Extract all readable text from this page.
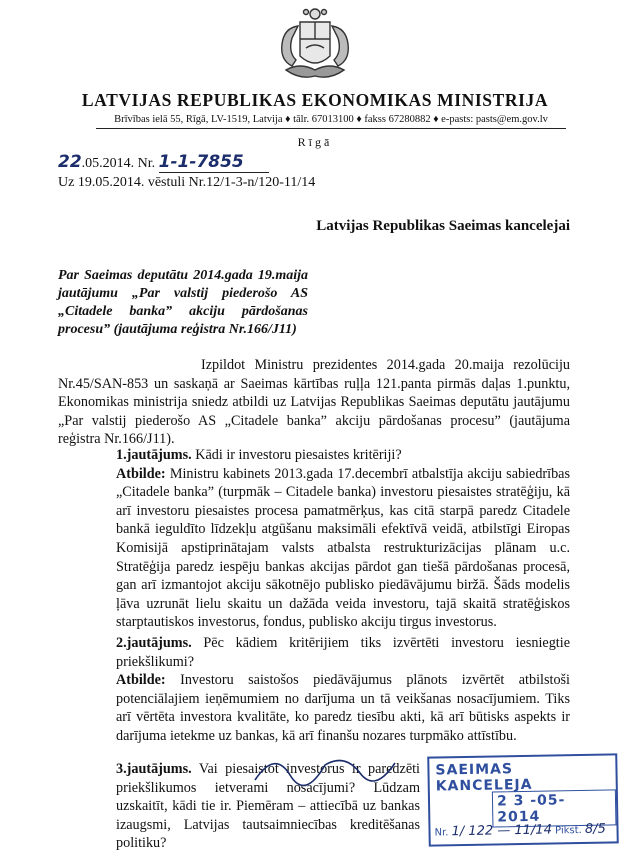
LATVIJAS REPUBLIKAS EKONOMIKAS MINISTRIJA
Brīvības ielā 55, Rīgā, LV-1519, Latvija ♦ tālr. 67013100 ♦ fakss 67280882 ♦ e-pasts: pasts@em.gov.lv
Rīgā
22.05.2014. Nr. 1-1-7855
Uz 19.05.2014. vēstuli Nr.12/1-3-n/120-11/14
Latvijas Republikas Saeimas kancelejai
Par Saeimas deputātu 2014.gada 19.maija jautājumu „Par valstij piederošo AS „Citadele banka” akciju pārdošanas procesu” (jautājuma reģistra Nr.166/J11)
Izpildot Ministru prezidentes 2014.gada 20.maija rezolūciju Nr.45/SAN-853 un saskaņā ar Saeimas kārtības ruļļa 121.panta pirmās daļas 1.punktu, Ekonomikas ministrija sniedz atbildi uz Latvijas Republikas Saeimas deputātu jautājumu „Par valstij piederošo AS „Citadele banka” akciju pārdošanas procesu” (jautājuma reģistra Nr.166/J11).
1.jautājums. Kādi ir investoru piesaistes kritēriji?
Atbilde: Ministru kabinets 2013.gada 17.decembrī atbalstīja akciju sabiedrības „Citadele banka” (turpmāk – Citadele banka) investoru piesaistes stratēģiju, kā arī investoru piesaistes procesa pamatmērķus, kas citā starpā paredz Citadele bankā ieguldīto līdzekļu atgūšanu maksimāli efektīvā veidā, atbilstīgi Eiropas Komisijā apstiprinātajam valsts atbalsta restrukturizācijas plānam u.c. Stratēģija paredz iespēju bankas akcijas pārdot gan tiešā pārdošanas procesā, gan arī izmantojot akciju sākotnējo publisko piedāvājumu biržā. Šāds modelis ļāva uzrunāt lielu skaitu un dažāda veida investoru, tajā skaitā stratēģiskos starptautiskos investorus, fondus, publisko akciju tirgus investorus.
2.jautājums. Pēc kādiem kritērijiem tiks izvērtēti investoru iesniegtie priekšlikumi?
Atbilde: Investoru saistošos piedāvājumus plānots izvērtēt atbilstoši potenciālajiem ieņēmumiem no darījuma un tā veikšanas nosacījumiem. Tiks arī vērtēta investora kvalitāte, ko paredz tiesību akti, kā arī būtisks aspekts ir darījuma ietekme uz bankas, kā arī finanšu nozares turpmāko attīstību.
3.jautājums. Vai piesaistot investorus ir paredzēti priekšlikumos ietverami nosacījumi? Lūdzam uzskaitīt, kādi tie ir. Piemēram – attiecībā uz bankas izaugsmi, Latvijas tautsaimniecības kreditēšanas politiku?
SAEIMAS KANCELEJA
2 3 -05- 2014
Nr. 1/ 122 — 11/14 Pikst. 8/5
